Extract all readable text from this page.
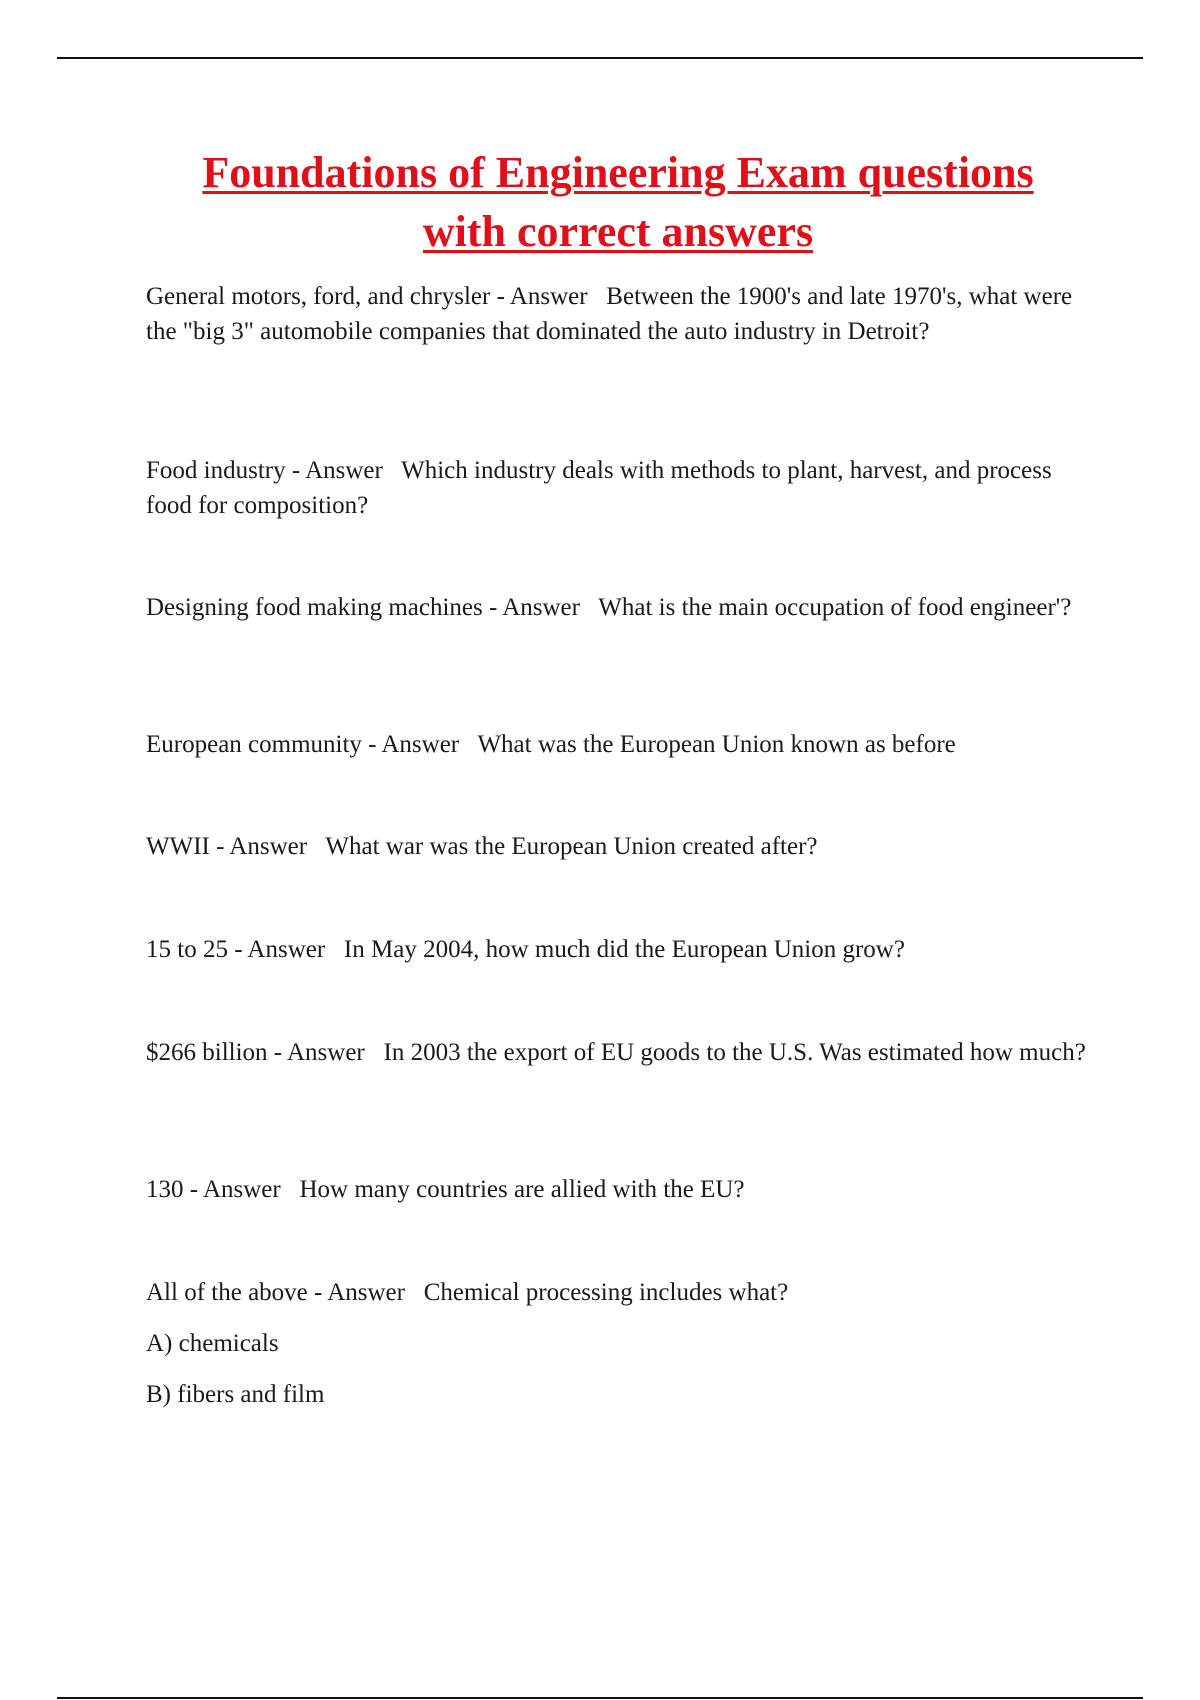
Foundations of Engineering Exam questions
with correct answers

General motors, ford, and chrysler - Answer Between the 1900's and late 1970's, what were the "big 3" automobile companies that dominated the auto industry in Detroit?

Food industry - Answer Which industry deals with methods to plant, harvest, and process food for composition?

Designing food making machines - Answer What is the main occupation of food engineer'?

European community - Answer What was the European Union known as before

WWII - Answer What war was the European Union created after?

15 to 25 - Answer In May 2004, how much did the European Union grow?

$266 billion - Answer In 2003 the export of EU goods to the U.S. Was estimated how much?

130 - Answer How many countries are allied with the EU?

All of the above - Answer Chemical processing includes what?

A) chemicals

B) fibers and film
